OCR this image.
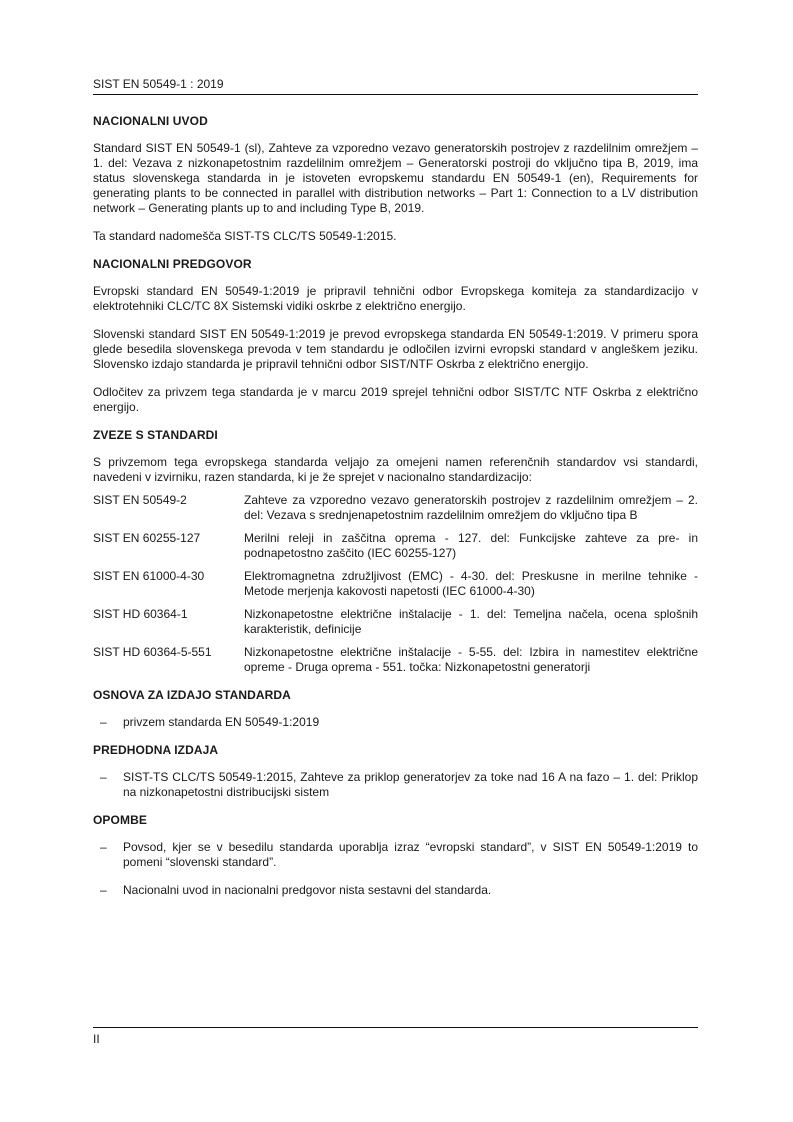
SIST EN 50549-1 : 2019
NACIONALNI UVOD

Standard SIST EN 50549-1 (sl), Zahteve za vzporedno vezavo generatorskih postrojev z razdelilnim omrežjem – 1. del: Vezava z nizkonapetostnim razdelilnim omrežjem – Generatorski postroji do vključno tipa B, 2019, ima status slovenskega standarda in je istoveten evropskemu standardu EN 50549-1 (en), Requirements for generating plants to be connected in parallel with distribution networks – Part 1: Connection to a LV distribution network – Generating plants up to and including Type B, 2019.

Ta standard nadomešča SIST-TS CLC/TS 50549-1:2015.

NACIONALNI PREDGOVOR

Evropski standard EN 50549-1:2019 je pripravil tehnični odbor Evropskega komiteja za standardizacijo v elektrotehniki CLC/TC 8X Sistemski vidiki oskrbe z električno energijo.

Slovenski standard SIST EN 50549-1:2019 je prevod evropskega standarda EN 50549-1:2019. V primeru spora glede besedila slovenskega prevoda v tem standardu je odločilen izvirni evropski standard v angleškem jeziku. Slovensko izdajo standarda je pripravil tehnični odbor SIST/NTF Oskrba z električno energijo.

Odločitev za privzem tega standarda je v marcu 2019 sprejel tehnični odbor SIST/TC NTF Oskrba z električno energijo.

ZVEZE S STANDARDI

S privzemom tega evropskega standarda veljajo za omejeni namen referenčnih standardov vsi standardi, navedeni v izvirniku, razen standarda, ki je že sprejet v nacionalno standardizacijo:

SIST EN 50549-2	Zahteve za vzporedno vezavo generatorskih postrojev z razdelilnim omrežjem – 2. del: Vezava s srednjenapetostnim razdelilnim omrežjem do vključno tipa B
SIST EN 60255-127	Merilni releji in zaščitna oprema - 127. del: Funkcijske zahteve za pre- in podnapetostno zaščito (IEC 60255-127)
SIST EN 61000-4-30	Elektromagnetna združljivost (EMC) - 4-30. del: Preskusne in merilne tehnike - Metode merjenja kakovosti napetosti (IEC 61000-4-30)
SIST HD 60364-1	Nizkonapetostne električne inštalacije - 1. del: Temeljna načela, ocena splošnih karakteristik, definicije
SIST HD 60364-5-551	Nizkonapetostne električne inštalacije - 5-55. del: Izbira in namestitev električne opreme - Druga oprema - 551. točka: Nizkonapetostni generatorji
OSNOVA ZA IZDAJO STANDARDA
–	privzem standarda EN 50549-1:2019
PREDHODNA IZDAJA
–	SIST-TS CLC/TS 50549-1:2015, Zahteve za priklop generatorjev za toke nad 16 A na fazo – 1. del: Priklop na nizkonapetostni distribucijski sistem
OPOMBE
–	Povsod, kjer se v besedilu standarda uporablja izraz “evropski standard”, v SIST EN 50549-1:2019 to pomeni “slovenski standard”.
–	Nacionalni uvod in nacionalni predgovor nista sestavni del standarda.
II
